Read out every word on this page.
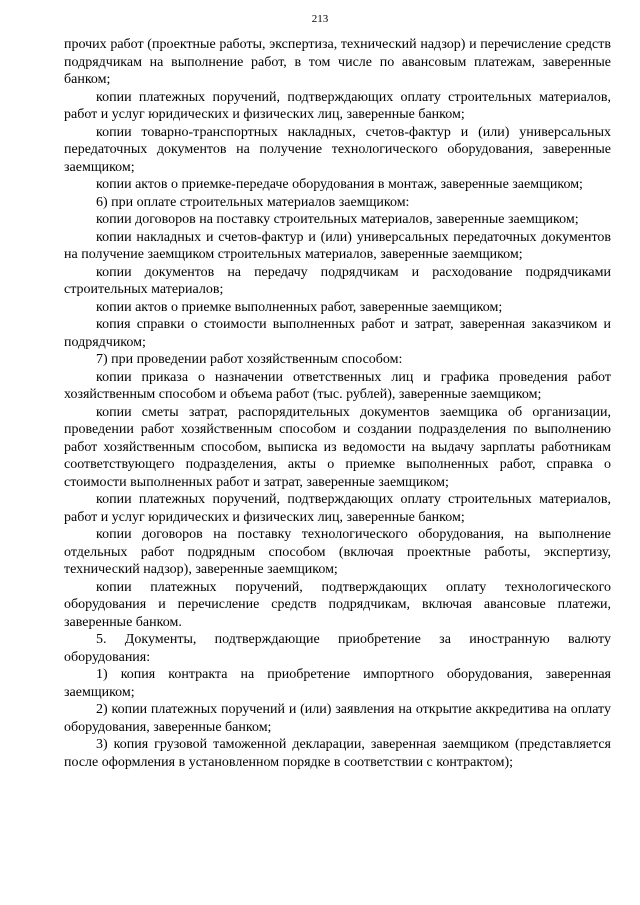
213

прочих работ (проектные работы, экспертиза, технический надзор) и перечисление средств подрядчикам на выполнение работ, в том числе по авансовым платежам, заверенные банком;

копии платежных поручений, подтверждающих оплату строительных материалов, работ и услуг юридических и физических лиц, заверенные банком;

копии товарно-транспортных накладных, счетов-фактур и (или) универсальных передаточных документов на получение технологического оборудования, заверенные заемщиком;

копии актов о приемке-передаче оборудования в монтаж, заверенные заемщиком;

6) при оплате строительных материалов заемщиком:

копии договоров на поставку строительных материалов, заверенные заемщиком;

копии накладных и счетов-фактур и (или) универсальных передаточных документов на получение заемщиком строительных материалов, заверенные заемщиком;

копии документов на передачу подрядчикам и расходование подрядчиками строительных материалов;

копии актов о приемке выполненных работ, заверенные заемщиком;

копия справки о стоимости выполненных работ и затрат, заверенная заказчиком и подрядчиком;

7) при проведении работ хозяйственным способом:

копии приказа о назначении ответственных лиц и графика проведения работ хозяйственным способом и объема работ (тыс. рублей), заверенные заемщиком;

копии сметы затрат, распорядительных документов заемщика об организации, проведении работ хозяйственным способом и создании подразделения по выполнению работ хозяйственным способом, выписка из ведомости на выдачу зарплаты работникам соответствующего подразделения, акты о приемке выполненных работ, справка о стоимости выполненных работ и затрат, заверенные заемщиком;

копии платежных поручений, подтверждающих оплату строительных материалов, работ и услуг юридических и физических лиц, заверенные банком;

копии договоров на поставку технологического оборудования, на выполнение отдельных работ подрядным способом (включая проектные работы, экспертизу, технический надзор), заверенные заемщиком;

копии платежных поручений, подтверждающих оплату технологического оборудования и перечисление средств подрядчикам, включая авансовые платежи, заверенные банком.

5. Документы, подтверждающие приобретение за иностранную валюту оборудования:

1) копия контракта на приобретение импортного оборудования, заверенная заемщиком;

2) копии платежных поручений и (или) заявления на открытие аккредитива на оплату оборудования, заверенные банком;

3) копия грузовой таможенной декларации, заверенная заемщиком (представляется после оформления в установленном порядке в соответствии с контрактом);
